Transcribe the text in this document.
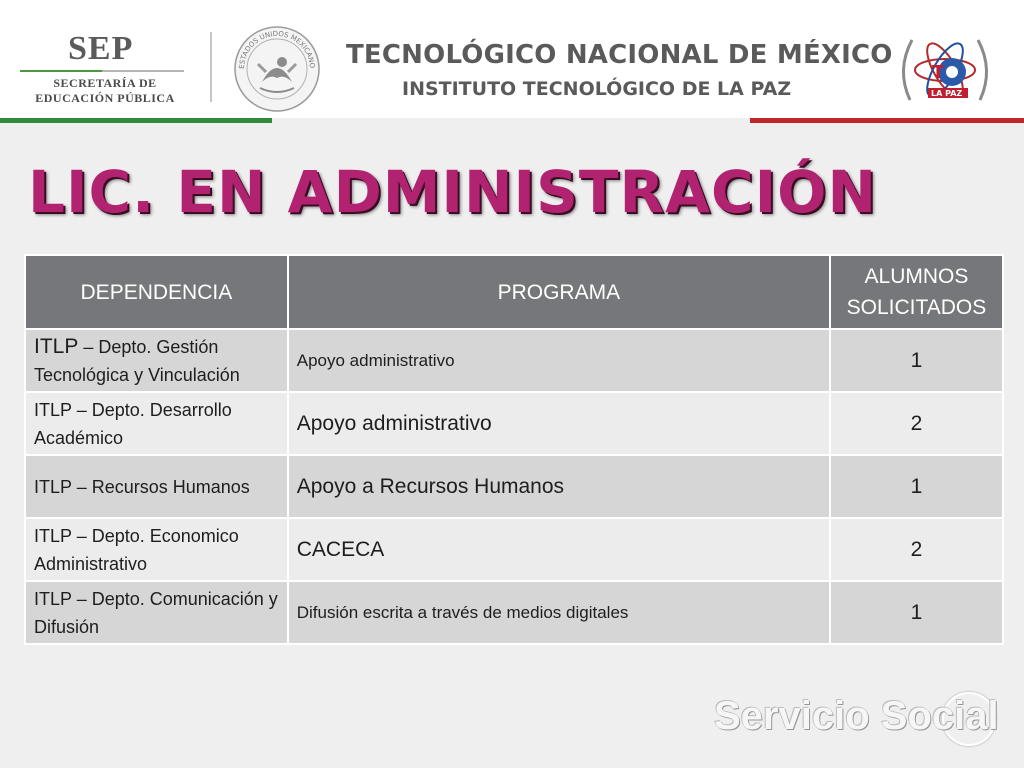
SEP
SECRETARÍA DE
EDUCACIÓN PÚBLICA
ESTADOS UNIDOS MEXICANO TECNOLÓGICO NACIONAL DE MÉXICO
INSTITUTO TECNOLÓGICO DE LA PAZ
T
LA PAZ
LIC. EN ADMINISTRACIÓN
DEPENDENCIA	PROGRAMA	ALUMNOS
SOLICITADOS
ITLP – Depto. Gestión Tecnológica y Vinculación	Apoyo administrativo	1
ITLP – Depto. Desarrollo Académico	Apoyo administrativo	2
ITLP – Recursos Humanos	Apoyo a Recursos Humanos	1
ITLP – Depto. Economico Administrativo	CACECA	2
ITLP – Depto. Comunicación y Difusión	Difusión escrita a través de medios digitales	1
Servicio Social
